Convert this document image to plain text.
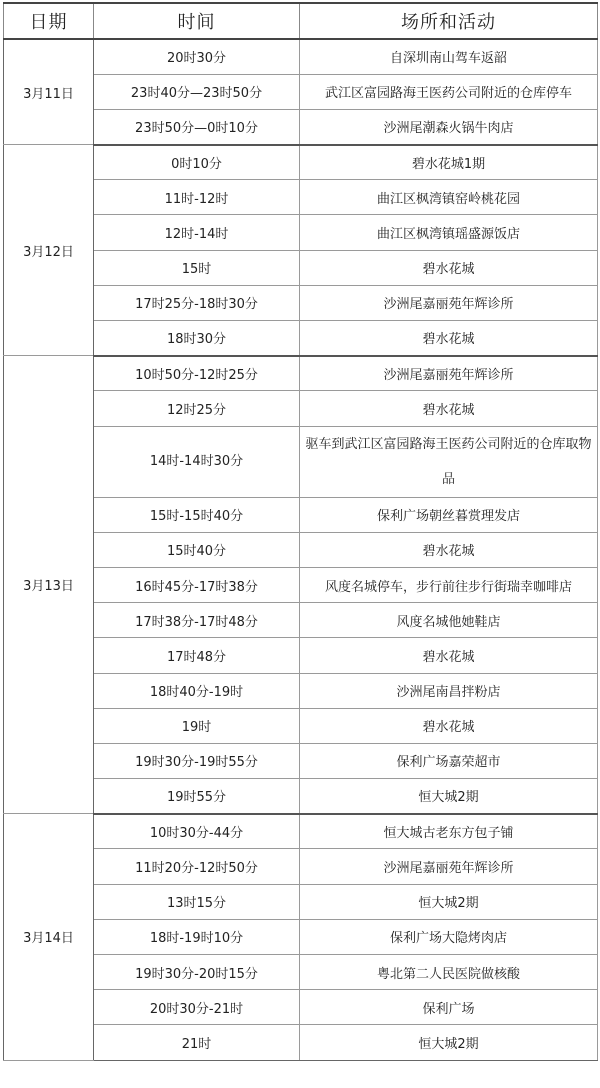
日期	时间	场所和活动
3月11日	20时30分	自深圳南山驾车返韶
	23时40分—23时50分	武江区富园路海王医药公司附近的仓库停车
	23时50分—0时10分	沙洲尾潮森火锅牛肉店
3月12日	0时10分	碧水花城1期
	11时-12时	曲江区枫湾镇窑岭桃花园
	12时-14时	曲江区枫湾镇瑶盛源饭店
	15时	碧水花城
	17时25分-18时30分	沙洲尾嘉丽苑年辉诊所
	18时30分	碧水花城
3月13日	10时50分-12时25分	沙洲尾嘉丽苑年辉诊所
	12时25分	碧水花城
	14时-14时30分	驱车到武江区富园路海王医药公司附近的仓库取物品
	15时-15时40分	保利广场朝丝暮赏理发店
	15时40分	碧水花城
	16时45分-17时38分	风度名城停车，步行前往步行街瑞幸咖啡店
	17时38分-17时48分	风度名城他她鞋店
	17时48分	碧水花城
	18时40分-19时	沙洲尾南昌拌粉店
	19时	碧水花城
	19时30分-19时55分	保利广场嘉荣超市
	19时55分	恒大城2期
3月14日	10时30分-44分	恒大城古老东方包子铺
	11时20分-12时50分	沙洲尾嘉丽苑年辉诊所
	13时15分	恒大城2期
	18时-19时10分	保利广场大隐烤肉店
	19时30分-20时15分	粤北第二人民医院做核酸
	20时30分-21时	保利广场
	21时	恒大城2期
